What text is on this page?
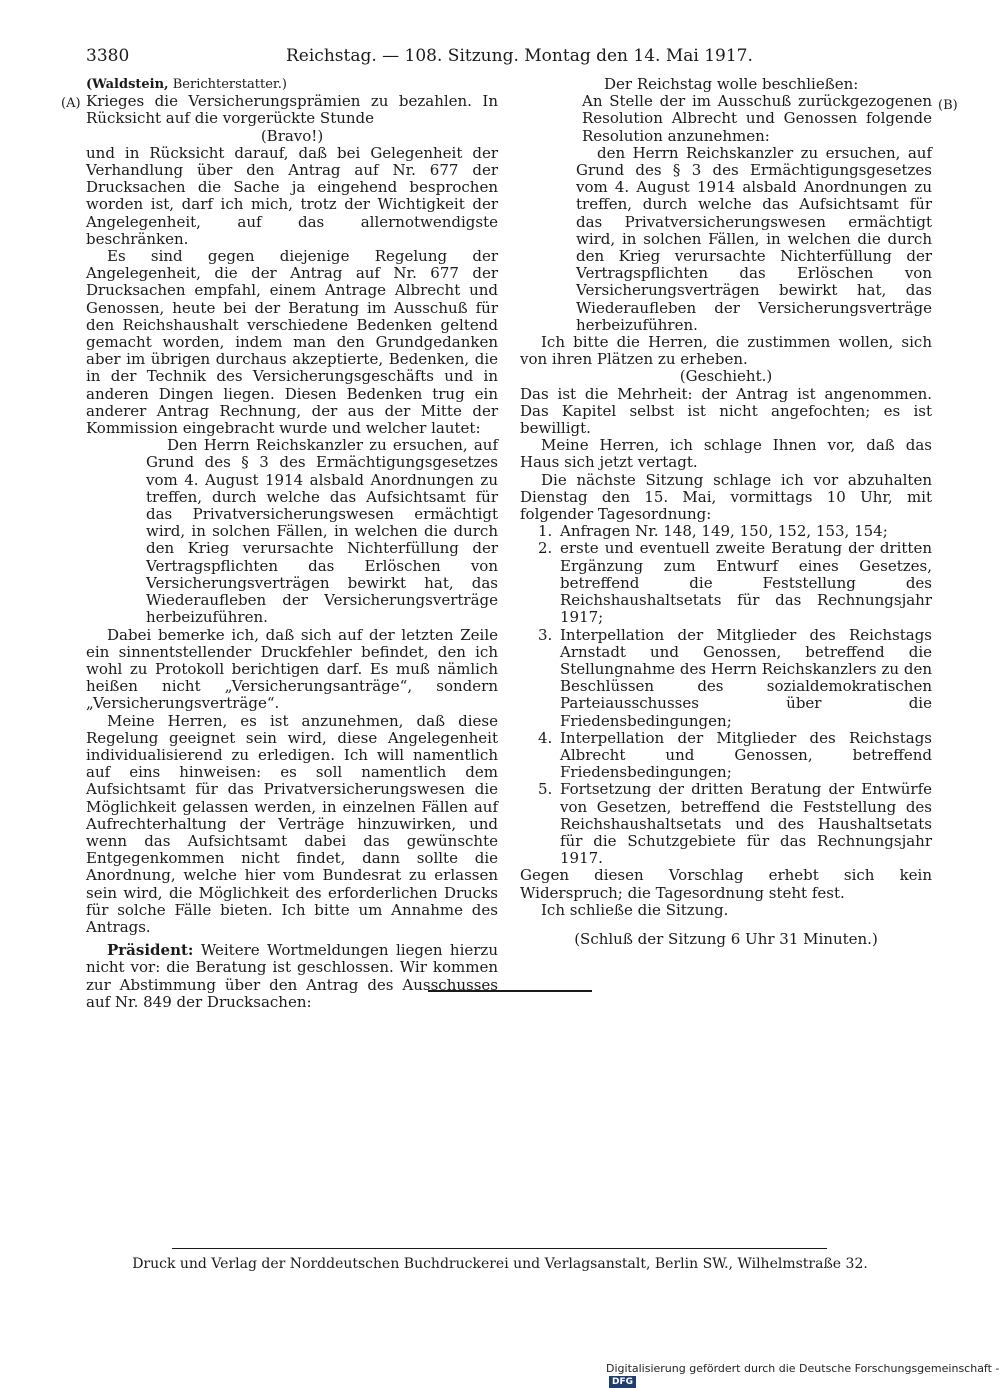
3380	Reichstag. — 108. Sitzung. Montag den 14. Mai 1917.
(A)	(B)

(Waldstein, Berichterstatter.)

Krieges die Versicherungsprämien zu bezahlen. In Rücksicht auf die vorgerückte Stunde

(Bravo!)

und in Rücksicht darauf, daß bei Gelegenheit der Verhandlung über den Antrag auf Nr. 677 der Drucksachen die Sache ja eingehend besprochen worden ist, darf ich mich, trotz der Wichtigkeit der Angelegenheit, auf das allernotwendigste beschränken.

Es sind gegen diejenige Regelung der Angelegenheit, die der Antrag auf Nr. 677 der Drucksachen empfahl, einem Antrage Albrecht und Genossen, heute bei der Beratung im Ausschuß für den Reichshaushalt verschiedene Bedenken geltend gemacht worden, indem man den Grundgedanken aber im übrigen durchaus akzeptierte, Bedenken, die in der Technik des Versicherungsgeschäfts und in anderen Dingen liegen. Diesen Bedenken trug ein anderer Antrag Rechnung, der aus der Mitte der Kommission eingebracht wurde und welcher lautet:

Den Herrn Reichskanzler zu ersuchen, auf Grund des § 3 des Ermächtigungsgesetzes vom 4. August 1914 alsbald Anordnungen zu treffen, durch welche das Aufsichtsamt für das Privatversicherungswesen ermächtigt wird, in solchen Fällen, in welchen die durch den Krieg verursachte Nichterfüllung der Vertragspflichten das Erlöschen von Versicherungsverträgen bewirkt hat, das Wiederaufleben der Versicherungsverträge herbeizuführen.

Dabei bemerke ich, daß sich auf der letzten Zeile ein sinnentstellender Druckfehler befindet, den ich wohl zu Protokoll berichtigen darf. Es muß nämlich heißen nicht „Versicherungsanträge“, sondern „Versicherungsverträge“.

Meine Herren, es ist anzunehmen, daß diese Regelung geeignet sein wird, diese Angelegenheit individualisierend zu erledigen. Ich will namentlich auf eins hinweisen: es soll namentlich dem Aufsichtsamt für das Privatversicherungswesen die Möglichkeit gelassen werden, in einzelnen Fällen auf Aufrechterhaltung der Verträge hinzuwirken, und wenn das Aufsichtsamt dabei das gewünschte Entgegenkommen nicht findet, dann sollte die Anordnung, welche hier vom Bundesrat zu erlassen sein wird, die Möglichkeit des erforderlichen Drucks für solche Fälle bieten. Ich bitte um Annahme des Antrags.

Präsident: Weitere Wortmeldungen liegen hierzu nicht vor: die Beratung ist geschlossen. Wir kommen zur Abstimmung über den Antrag des Ausschusses auf Nr. 849 der Drucksachen:

Der Reichstag wolle beschließen:

An Stelle der im Ausschuß zurückgezogenen Resolution Albrecht und Genossen folgende Resolution anzunehmen:

den Herrn Reichskanzler zu ersuchen, auf Grund des § 3 des Ermächtigungsgesetzes vom 4. August 1914 alsbald Anordnungen zu treffen, durch welche das Aufsichtsamt für das Privatversicherungswesen ermächtigt wird, in solchen Fällen, in welchen die durch den Krieg verursachte Nichterfüllung der Vertragspflichten das Erlöschen von Versicherungsverträgen bewirkt hat, das Wiederaufleben der Versicherungsverträge herbeizuführen.

Ich bitte die Herren, die zustimmen wollen, sich von ihren Plätzen zu erheben.

(Geschieht.)

Das ist die Mehrheit: der Antrag ist angenommen. Das Kapitel selbst ist nicht angefochten; es ist bewilligt.

Meine Herren, ich schlage Ihnen vor, daß das Haus sich jetzt vertagt.

Die nächste Sitzung schlage ich vor abzuhalten Dienstag den 15. Mai, vormittags 10 Uhr, mit folgender Tagesordnung:

1. Anfragen Nr. 148, 149, 150, 152, 153, 154;
2. erste und eventuell zweite Beratung der dritten Ergänzung zum Entwurf eines Gesetzes, betreffend die Feststellung des Reichshaushaltsetats für das Rechnungsjahr 1917;
3. Interpellation der Mitglieder des Reichstags Arnstadt und Genossen, betreffend die Stellungnahme des Herrn Reichskanzlers zu den Beschlüssen des sozialdemokratischen Parteiausschusses über die Friedensbedingungen;
4. Interpellation der Mitglieder des Reichstags Albrecht und Genossen, betreffend Friedensbedingungen;
5. Fortsetzung der dritten Beratung der Entwürfe von Gesetzen, betreffend die Feststellung des Reichshaushaltsetats und des Haushaltsetats für die Schutzgebiete für das Rechnungsjahr 1917.

Gegen diesen Vorschlag erhebt sich kein Widerspruch; die Tagesordnung steht fest.

Ich schließe die Sitzung.

(Schluß der Sitzung 6 Uhr 31 Minuten.)

Druck und Verlag der Norddeutschen Buchdruckerei und Verlagsanstalt, Berlin SW., Wilhelmstraße 32.
Digitalisierung gefördert durch die Deutsche Forschungsgemeinschaft -DFG
